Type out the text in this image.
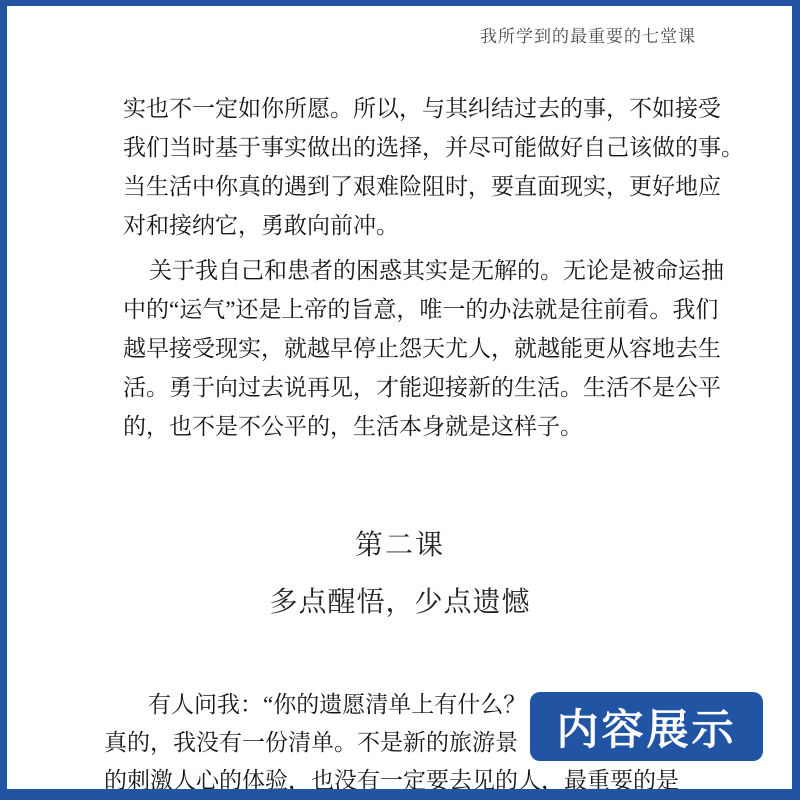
我所学到的最重要的七堂课
实也不一定如你所愿。所以，与其纠结过去的事，不如接受
我们当时基于事实做出的选择，并尽可能做好自己该做的事。
当生活中你真的遇到了艰难险阻时，要直面现实，更好地应
对和接纳它，勇敢向前冲。
关于我自己和患者的困惑其实是无解的。无论是被命运抽
中的“运气”还是上帝的旨意，唯一的办法就是往前看。我们
越早接受现实，就越早停止怨天尤人，就越能更从容地去生
活。勇于向过去说再见，才能迎接新的生活。生活不是公平
的，也不是不公平的，生活本身就是这样子。
第二课
多点醒悟，少点遗憾
有人问我：“你的遗愿清单上有什么？
真的，我没有一份清单。不是新的旅游景
的刺激人心的体验，也没有一定要去见的人，最重要的是
内容展示
